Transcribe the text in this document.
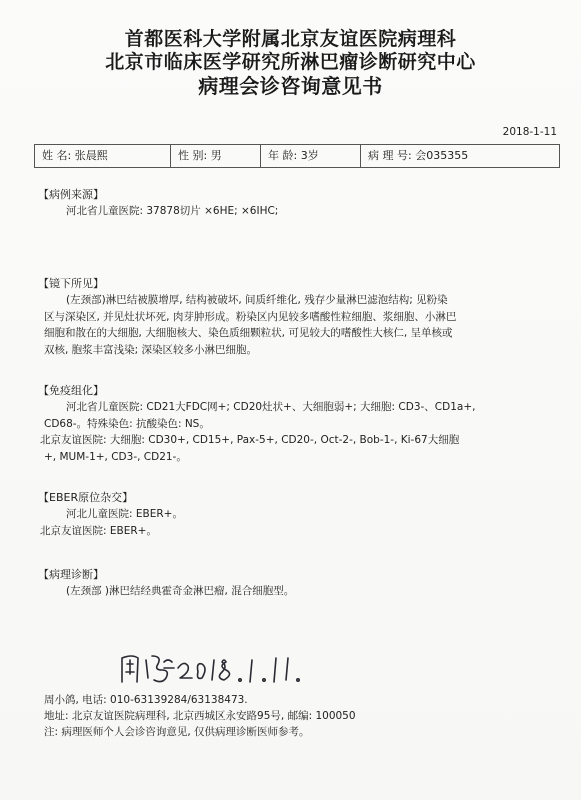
首都医科大学附属北京友谊医院病理科

北京市临床医学研究所淋巴瘤诊断研究中心

病理会诊咨询意见书

2018-1-11
姓 名: 张晨熙	性 别: 男	年 龄: 3岁	病 理 号: 会035355
【病例来源】
河北省儿童医院: 37878切片 ×6HE; ×6IHC;
【镜下所见】
(左颈部)淋巴结被膜增厚, 结构被破坏, 间质纤维化, 残存少量淋巴滤泡结构; 见粉染
区与深染区, 并见灶状坏死, 肉芽肿形成。粉染区内见较多嗜酸性粒细胞、浆细胞、小淋巴
细胞和散在的大细胞, 大细胞核大、染色质细颗粒状, 可见较大的嗜酸性大核仁, 呈单核或
双核, 胞浆丰富浅染; 深染区较多小淋巴细胞。
【免疫组化】
河北省儿童医院: CD21大FDC网+; CD20灶状+、大细胞弱+; 大细胞: CD3-、CD1a+,
CD68-。特殊染色: 抗酸染色: NS。
北京友谊医院: 大细胞: CD30+, CD15+, Pax-5+, CD20-, Oct-2-, Bob-1-, Ki-67大细胞
+, MUM-1+, CD3-, CD21-。
【EBER原位杂交】
河北儿童医院: EBER+。
北京友谊医院: EBER+。
【病理诊断】
(左颈部 )淋巴结经典霍奇金淋巴瘤, 混合细胞型。
周小鸽, 电话: 010-63139284/63138473.
地址: 北京友谊医院病理科, 北京西城区永安路95号, 邮编: 100050
注: 病理医师个人会诊咨询意见, 仅供病理诊断医师参考。
